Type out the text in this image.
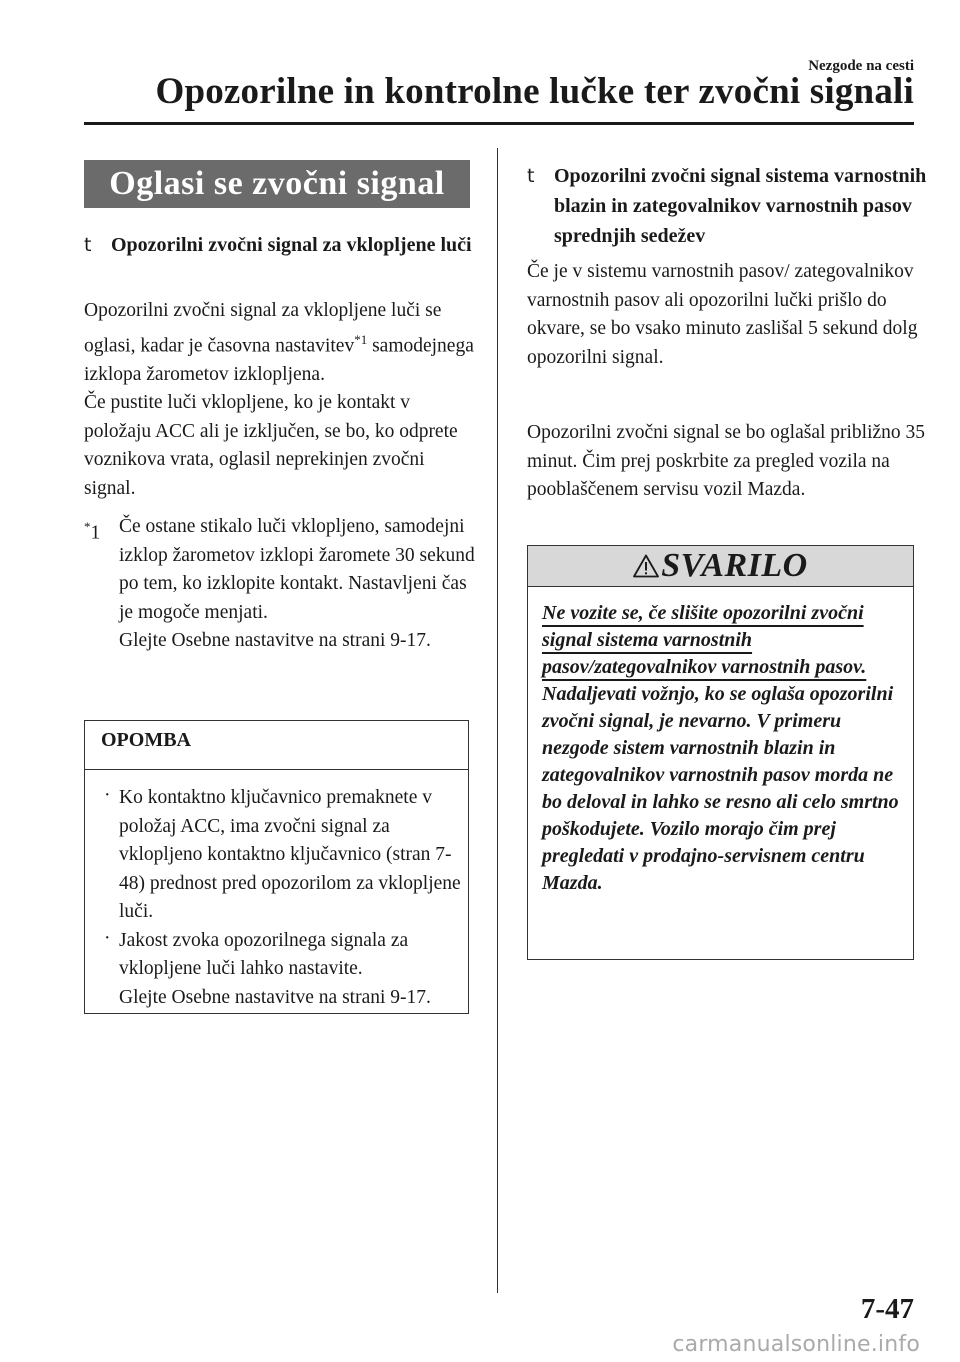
Nezgode na cesti
Opozorilne in kontrolne lučke ter zvočni signali
Oglasi se zvočni signal
t Opozorilni zvočni signal za vklopljene luči
Opozorilni zvočni signal za vklopljene luči se oglasi, kadar je časovna nastavitev$^{*1}$ samodejnega izklopa žarometov izklopljena.
Če pustite luči vklopljene, ko je kontakt v položaju ACC ali je izključen, se bo, ko odprete voznikova vrata, oglasil neprekinjen zvočni signal.
*1 Če ostane stikalo luči vklopljeno, samodejni izklop žarometov izklopi žaromete 30 sekund po tem, ko izklopite kontakt. Nastavljeni čas je mogoče menjati.
Glejte Osebne nastavitve na strani 9-17.
OPOMBA
· Ko kontaktno ključavnico premaknete v položaj ACC, ima zvočni signal za vklopljeno kontaktno ključavnico (stran 7-48) prednost pred opozorilom za vklopljene luči.
· Jakost zvoka opozorilnega signala za vklopljene luči lahko nastavite.
Glejte Osebne nastavitve na strani 9-17.
t Opozorilni zvočni signal sistema varnostnih blazin in zategovalnikov varnostnih pasov sprednjih sedežev
Če je v sistemu varnostnih pasov/ zategovalnikov varnostnih pasov ali opozorilni lučki prišlo do okvare, se bo vsako minuto zaslišal 5 sekund dolg opozorilni signal.
Opozorilni zvočni signal se bo oglašal približno 35 minut. Čim prej poskrbite za pregled vozila na pooblaščenem servisu vozil Mazda.
SVARILO
Ne vozite se, če slišite opozorilni zvočni signal sistema varnostnih pasov/zategovalnikov varnostnih pasov.
Nadaljevati vožnjo, ko se oglaša opozorilni zvočni signal, je nevarno. V primeru nezgode sistem varnostnih blazin in zategovalnikov varnostnih pasov morda ne bo deloval in lahko se resno ali celo smrtno poškodujete. Vozilo morajo čim prej pregledati v prodajno-servisnem centru Mazda.
7-47
carmanualsonline.info
